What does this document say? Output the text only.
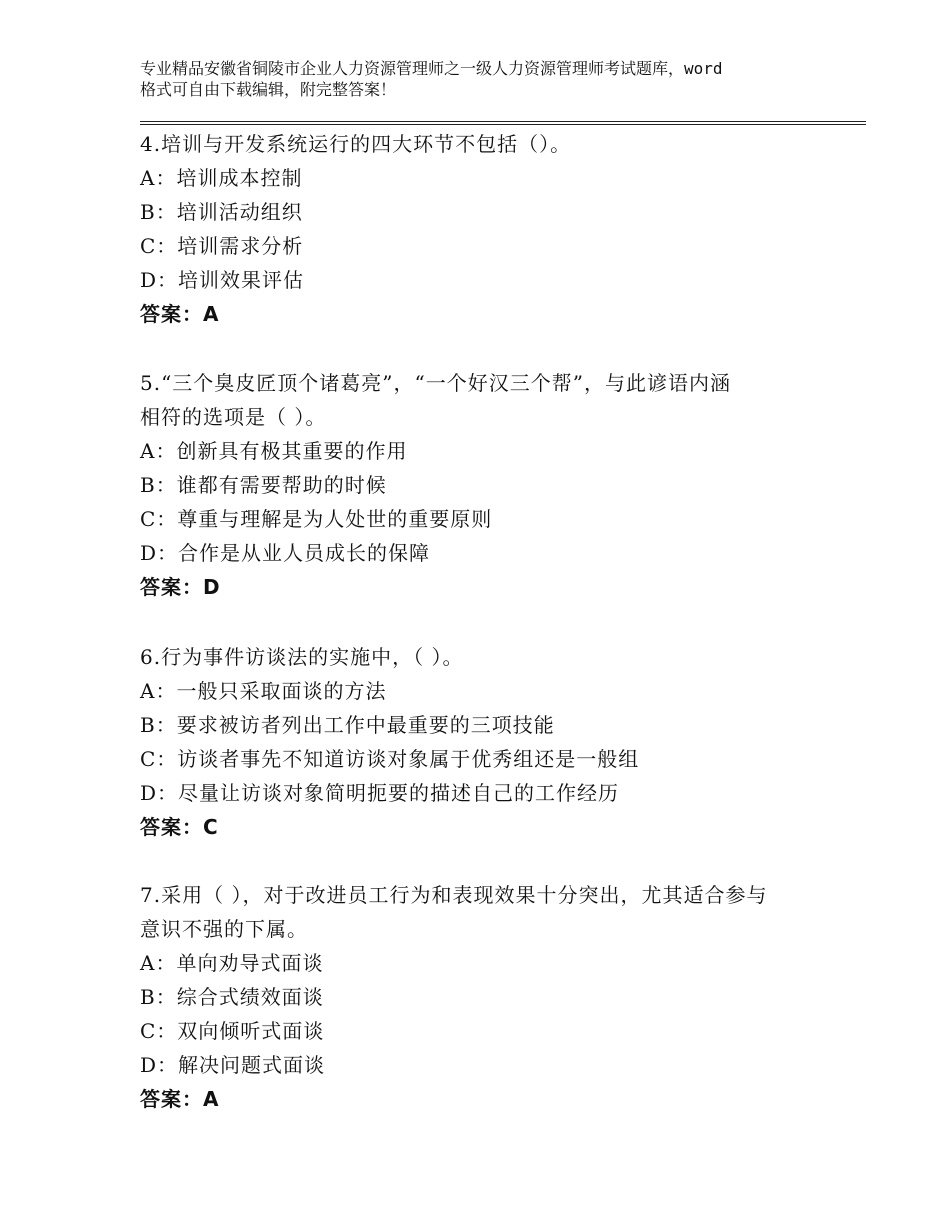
专业精品安徽省铜陵市企业人力资源管理师之一级人力资源管理师考试题库，word
格式可自由下载编辑，附完整答案！
4.培训与开发系统运行的四大环节不包括（）。
A：培训成本控制
B：培训活动组织
C：培训需求分析
D：培训效果评估
答案：A
5.“三个臭皮匠顶个诸葛亮”，“一个好汉三个帮”，与此谚语内涵
相符的选项是（ ）。
A：创新具有极其重要的作用
B：谁都有需要帮助的时候
C：尊重与理解是为人处世的重要原则
D：合作是从业人员成长的保障
答案：D
6.行为事件访谈法的实施中，（ ）。
A：一般只采取面谈的方法
B：要求被访者列出工作中最重要的三项技能
C：访谈者事先不知道访谈对象属于优秀组还是一般组
D：尽量让访谈对象简明扼要的描述自己的工作经历
答案：C
7.采用（ ），对于改进员工行为和表现效果十分突出，尤其适合参与
意识不强的下属。
A：单向劝导式面谈
B：综合式绩效面谈
C：双向倾听式面谈
D：解决问题式面谈
答案：A
